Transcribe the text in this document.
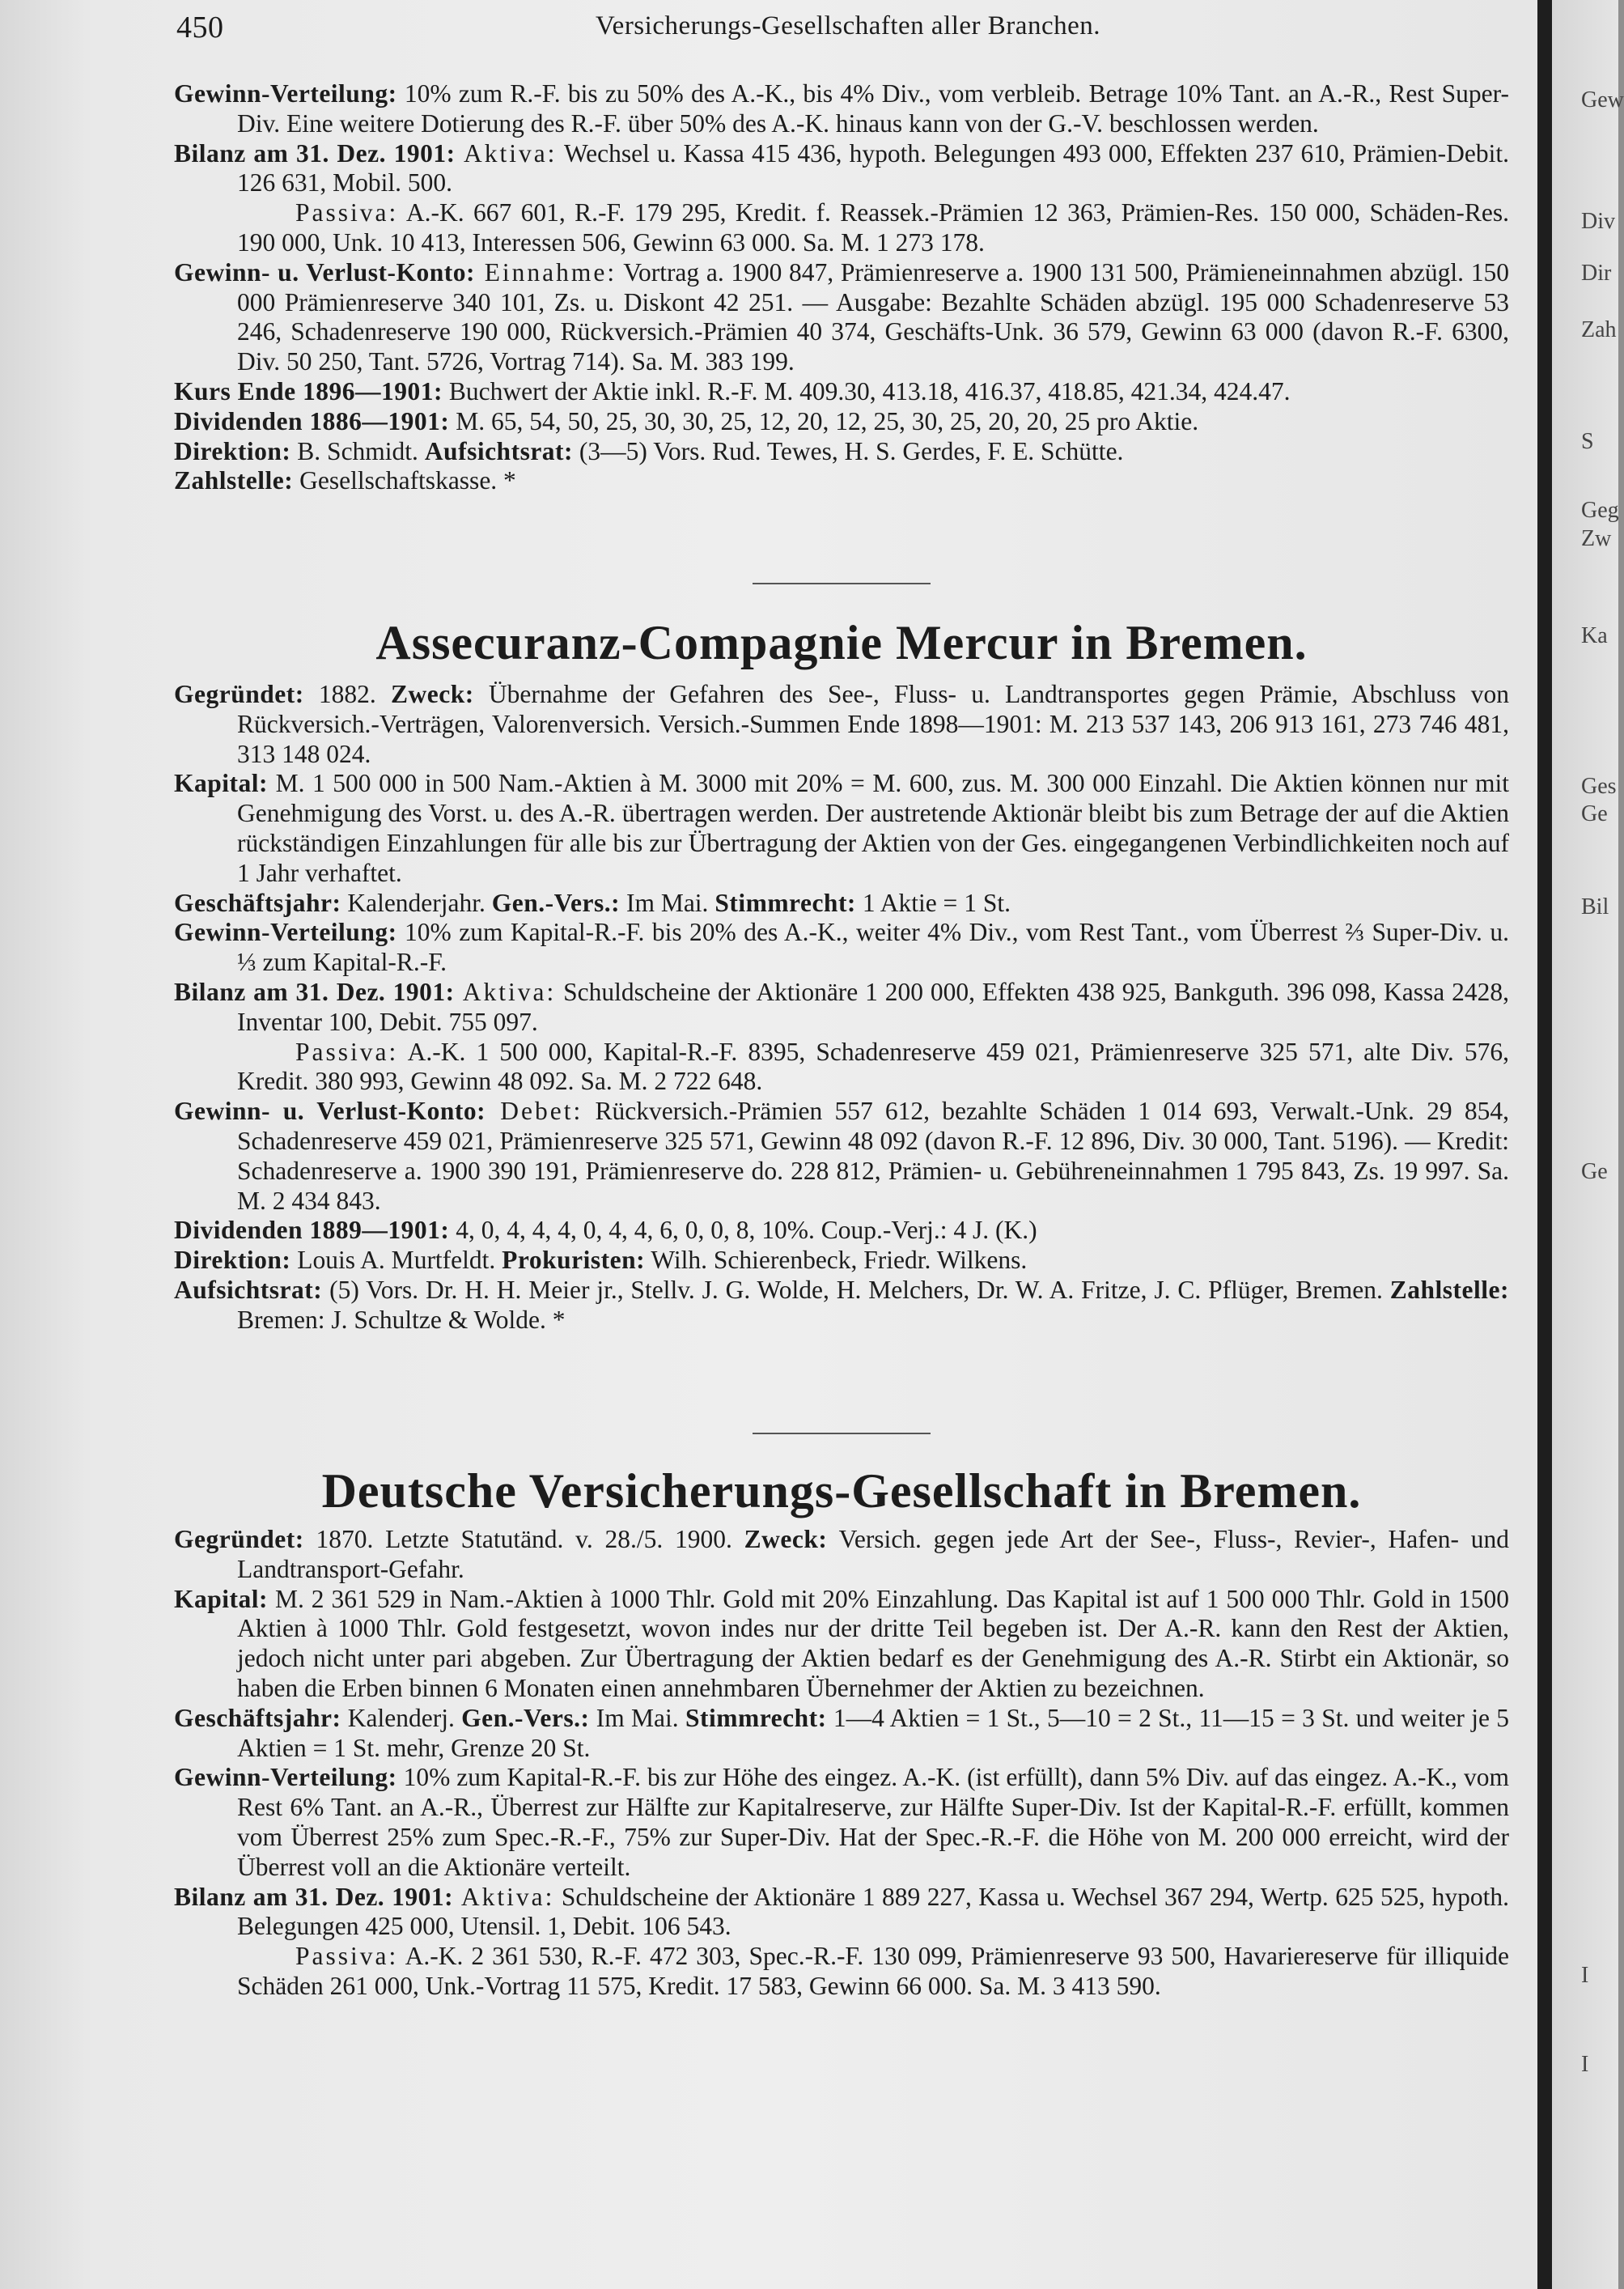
450	Versicherungs-Gesellschaften aller Branchen.

Gewinn-Verteilung: 10% zum R.-F. bis zu 50% des A.-K., bis 4% Div., vom verbleib. Betrage 10% Tant. an A.-R., Rest Super-Div. Eine weitere Dotierung des R.-F. über 50% des A.-K. hinaus kann von der G.-V. beschlossen werden.

Bilanz am 31. Dez. 1901: Aktiva: Wechsel u. Kassa 415 436, hypoth. Belegungen 493 000, Effekten 237 610, Prämien-Debit. 126 631, Mobil. 500.

Passiva: A.-K. 667 601, R.-F. 179 295, Kredit. f. Reassek.-Prämien 12 363, Prämien-Res. 150 000, Schäden-Res. 190 000, Unk. 10 413, Interessen 506, Gewinn 63 000. Sa. M. 1 273 178.

Gewinn- u. Verlust-Konto: Einnahme: Vortrag a. 1900 847, Prämienreserve a. 1900 131 500, Prämieneinnahmen abzügl. 150 000 Prämienreserve 340 101, Zs. u. Diskont 42 251. — Ausgabe: Bezahlte Schäden abzügl. 195 000 Schadenreserve 53 246, Schadenreserve 190 000, Rückversich.-Prämien 40 374, Geschäfts-Unk. 36 579, Gewinn 63 000 (davon R.-F. 6300, Div. 50 250, Tant. 5726, Vortrag 714). Sa. M. 383 199.

Kurs Ende 1896—1901: Buchwert der Aktie inkl. R.-F. M. 409.30, 413.18, 416.37, 418.85, 421.34, 424.47.

Dividenden 1886—1901: M. 65, 54, 50, 25, 30, 30, 25, 12, 20, 12, 25, 30, 25, 20, 20, 25 pro Aktie.

Direktion: B. Schmidt. Aufsichtsrat: (3—5) Vors. Rud. Tewes, H. S. Gerdes, F. E. Schütte.

Zahlstelle: Gesellschaftskasse. *

Assecuranz-Compagnie Mercur in Bremen.

Gegründet: 1882. Zweck: Übernahme der Gefahren des See-, Fluss- u. Landtransportes gegen Prämie, Abschluss von Rückversich.-Verträgen, Valorenversich. Versich.-Summen Ende 1898—1901: M. 213 537 143, 206 913 161, 273 746 481, 313 148 024.

Kapital: M. 1 500 000 in 500 Nam.-Aktien à M. 3000 mit 20% = M. 600, zus. M. 300 000 Einzahl. Die Aktien können nur mit Genehmigung des Vorst. u. des A.-R. übertragen werden. Der austretende Aktionär bleibt bis zum Betrage der auf die Aktien rückständigen Einzahlungen für alle bis zur Übertragung der Aktien von der Ges. eingegangenen Verbindlichkeiten noch auf 1 Jahr verhaftet.

Geschäftsjahr: Kalenderjahr. Gen.-Vers.: Im Mai. Stimmrecht: 1 Aktie = 1 St.

Gewinn-Verteilung: 10% zum Kapital-R.-F. bis 20% des A.-K., weiter 4% Div., vom Rest Tant., vom Überrest ⅔ Super-Div. u. ⅓ zum Kapital-R.-F.

Bilanz am 31. Dez. 1901: Aktiva: Schuldscheine der Aktionäre 1 200 000, Effekten 438 925, Bankguth. 396 098, Kassa 2428, Inventar 100, Debit. 755 097.

Passiva: A.-K. 1 500 000, Kapital-R.-F. 8395, Schadenreserve 459 021, Prämienreserve 325 571, alte Div. 576, Kredit. 380 993, Gewinn 48 092. Sa. M. 2 722 648.

Gewinn- u. Verlust-Konto: Debet: Rückversich.-Prämien 557 612, bezahlte Schäden 1 014 693, Verwalt.-Unk. 29 854, Schadenreserve 459 021, Prämienreserve 325 571, Gewinn 48 092 (davon R.-F. 12 896, Div. 30 000, Tant. 5196). — Kredit: Schadenreserve a. 1900 390 191, Prämienreserve do. 228 812, Prämien- u. Gebühreneinnahmen 1 795 843, Zs. 19 997. Sa. M. 2 434 843.

Dividenden 1889—1901: 4, 0, 4, 4, 4, 0, 4, 4, 6, 0, 0, 8, 10%. Coup.-Verj.: 4 J. (K.)

Direktion: Louis A. Murtfeldt. Prokuristen: Wilh. Schierenbeck, Friedr. Wilkens.

Aufsichtsrat: (5) Vors. Dr. H. H. Meier jr., Stellv. J. G. Wolde, H. Melchers, Dr. W. A. Fritze, J. C. Pflüger, Bremen. Zahlstelle: Bremen: J. Schultze & Wolde. *

Deutsche Versicherungs-Gesellschaft in Bremen.

Gegründet: 1870. Letzte Statutänd. v. 28./5. 1900. Zweck: Versich. gegen jede Art der See-, Fluss-, Revier-, Hafen- und Landtransport-Gefahr.

Kapital: M. 2 361 529 in Nam.-Aktien à 1000 Thlr. Gold mit 20% Einzahlung. Das Kapital ist auf 1 500 000 Thlr. Gold in 1500 Aktien à 1000 Thlr. Gold festgesetzt, wovon indes nur der dritte Teil begeben ist. Der A.-R. kann den Rest der Aktien, jedoch nicht unter pari abgeben. Zur Übertragung der Aktien bedarf es der Genehmigung des A.-R. Stirbt ein Aktionär, so haben die Erben binnen 6 Monaten einen annehmbaren Übernehmer der Aktien zu bezeichnen.

Geschäftsjahr: Kalenderj. Gen.-Vers.: Im Mai. Stimmrecht: 1—4 Aktien = 1 St., 5—10 = 2 St., 11—15 = 3 St. und weiter je 5 Aktien = 1 St. mehr, Grenze 20 St.

Gewinn-Verteilung: 10% zum Kapital-R.-F. bis zur Höhe des eingez. A.-K. (ist erfüllt), dann 5% Div. auf das eingez. A.-K., vom Rest 6% Tant. an A.-R., Überrest zur Hälfte zur Kapitalreserve, zur Hälfte Super-Div. Ist der Kapital-R.-F. erfüllt, kommen vom Überrest 25% zum Spec.-R.-F., 75% zur Super-Div. Hat der Spec.-R.-F. die Höhe von M. 200 000 erreicht, wird der Überrest voll an die Aktionäre verteilt.

Bilanz am 31. Dez. 1901: Aktiva: Schuldscheine der Aktionäre 1 889 227, Kassa u. Wechsel 367 294, Wertp. 625 525, hypoth. Belegungen 425 000, Utensil. 1, Debit. 106 543.

Passiva: A.-K. 2 361 530, R.-F. 472 303, Spec.-R.-F. 130 099, Prämienreserve 93 500, Havariereserve für illiquide Schäden 261 000, Unk.-Vortrag 11 575, Kredit. 17 583, Gewinn 66 000. Sa. M. 3 413 590.

Gew
Div
Dir
Zah
S
Geg
Zw
Ka
Ges
Ge
Bil
Ge
I
I
